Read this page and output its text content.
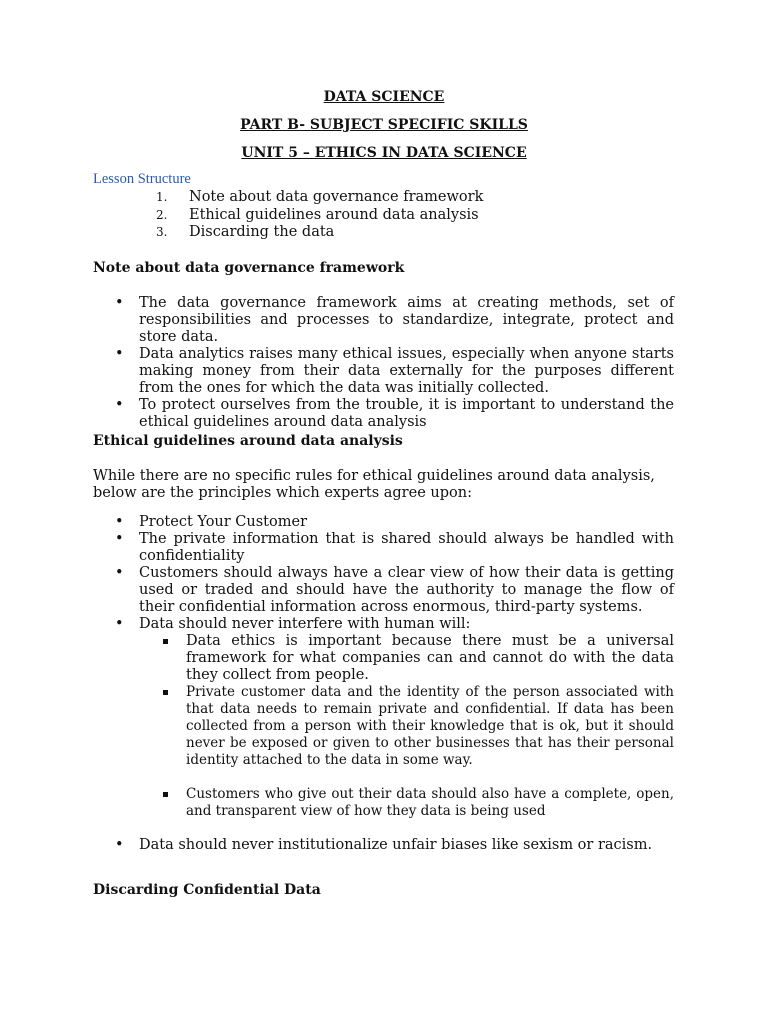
DATA SCIENCE
PART B- SUBJECT SPECIFIC SKILLS
UNIT 5 – ETHICS IN DATA SCIENCE
Lesson Structure
1. Note about data governance framework
2. Ethical guidelines around data analysis
3. Discarding the data
Note about data governance framework
• The data governance framework aims at creating methods, set of responsibilities and processes to standardize, integrate, protect and store data.
• Data analytics raises many ethical issues, especially when anyone starts making money from their data externally for the purposes different from the ones for which the data was initially collected.
• To protect ourselves from the trouble, it is important to understand the ethical guidelines around data analysis
Ethical guidelines around data analysis
While there are no specific rules for ethical guidelines around data analysis, below are the principles which experts agree upon:
• Protect Your Customer
• The private information that is shared should always be handled with confidentiality
• Customers should always have a clear view of how their data is getting used or traded and should have the authority to manage the flow of their confidential information across enormous, third-party systems.
• Data should never interfere with human will:
Data ethics is important because there must be a universal framework for what companies can and cannot do with the data they collect from people.
Private customer data and the identity of the person associated with that data needs to remain private and confidential. If data has been collected from a person with their knowledge that is ok, but it should never be exposed or given to other businesses that has their personal identity attached to the data in some way.
Customers who give out their data should also have a complete, open, and transparent view of how they data is being used
• Data should never institutionalize unfair biases like sexism or racism.
Discarding Confidential Data
